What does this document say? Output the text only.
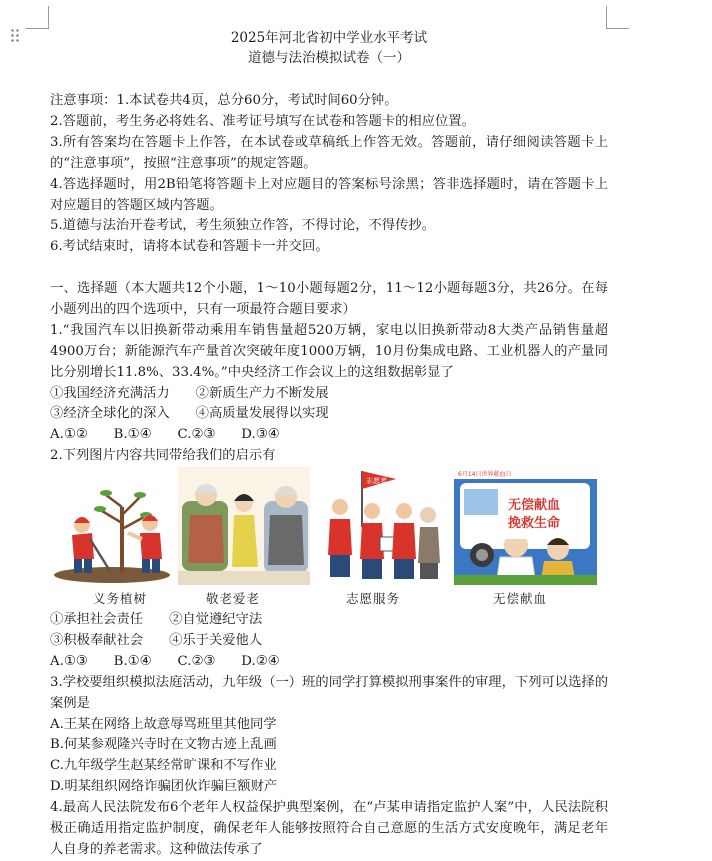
2025年河北省初中学业水平考试
道德与法治模拟试卷（一）

注意事项：1.本试卷共4页，总分60分，考试时间60分钟。

2.答题前，考生务必将姓名、准考证号填写在试卷和答题卡的相应位置。

3.所有答案均在答题卡上作答，在本试卷或草稿纸上作答无效。答题前，请仔细阅读答题卡上的“注意事项”，按照“注意事项”的规定答题。

4.答选择题时，用2B铅笔将答题卡上对应题目的答案标号涂黑；答非选择题时，请在答题卡上对应题目的答题区域内答题。

5.道德与法治开卷考试，考生须独立作答，不得讨论，不得传抄。

6.考试结束时，请将本试卷和答题卡一并交回。

一、选择题（本大题共12个小题，1～10小题每题2分，11～12小题每题3分，共26分。在每小题列出的四个选项中，只有一项最符合题目要求）

1.“我国汽车以旧换新带动乘用车销售量超520万辆，家电以旧换新带动8大类产品销售量超4900万台；新能源汽车产量首次突破年度1000万辆，10月份集成电路、工业机器人的产量同比分别增长11.8%、33.4%。”中央经济工作会议上的这组数据彰显了

①我国经济充满活力 ②新质生产力不断发展

③经济全球化的深入 ④高质量发展得以实现

A.①② B.①④ C.②③ D.③④

2.下列图片内容共同带给我们的启示有

志愿者
6月14日世界献血日
无偿献血
挽救生命
义务植树	敬老爱老	志愿服务	无偿献血

①承担社会责任 ②自觉遵纪守法

③积极奉献社会 ④乐于关爱他人

A.①③ B.①④ C.②③ D.②④

3.学校要组织模拟法庭活动，九年级（一）班的同学打算模拟刑事案件的审理，下列可以选择的案例是

A.王某在网络上故意辱骂班里其他同学

B.何某参观隆兴寺时在文物古迹上乱画

C.九年级学生赵某经常旷课和不写作业

D.明某组织网络诈骗团伙诈骗巨额财产

4.最高人民法院发布6个老年人权益保护典型案例，在“卢某申请指定监护人案”中，人民法院积极正确适用指定监护制度，确保老年人能够按照符合自己意愿的生活方式安度晚年，满足老年人自身的养老需求。这种做法传承了
